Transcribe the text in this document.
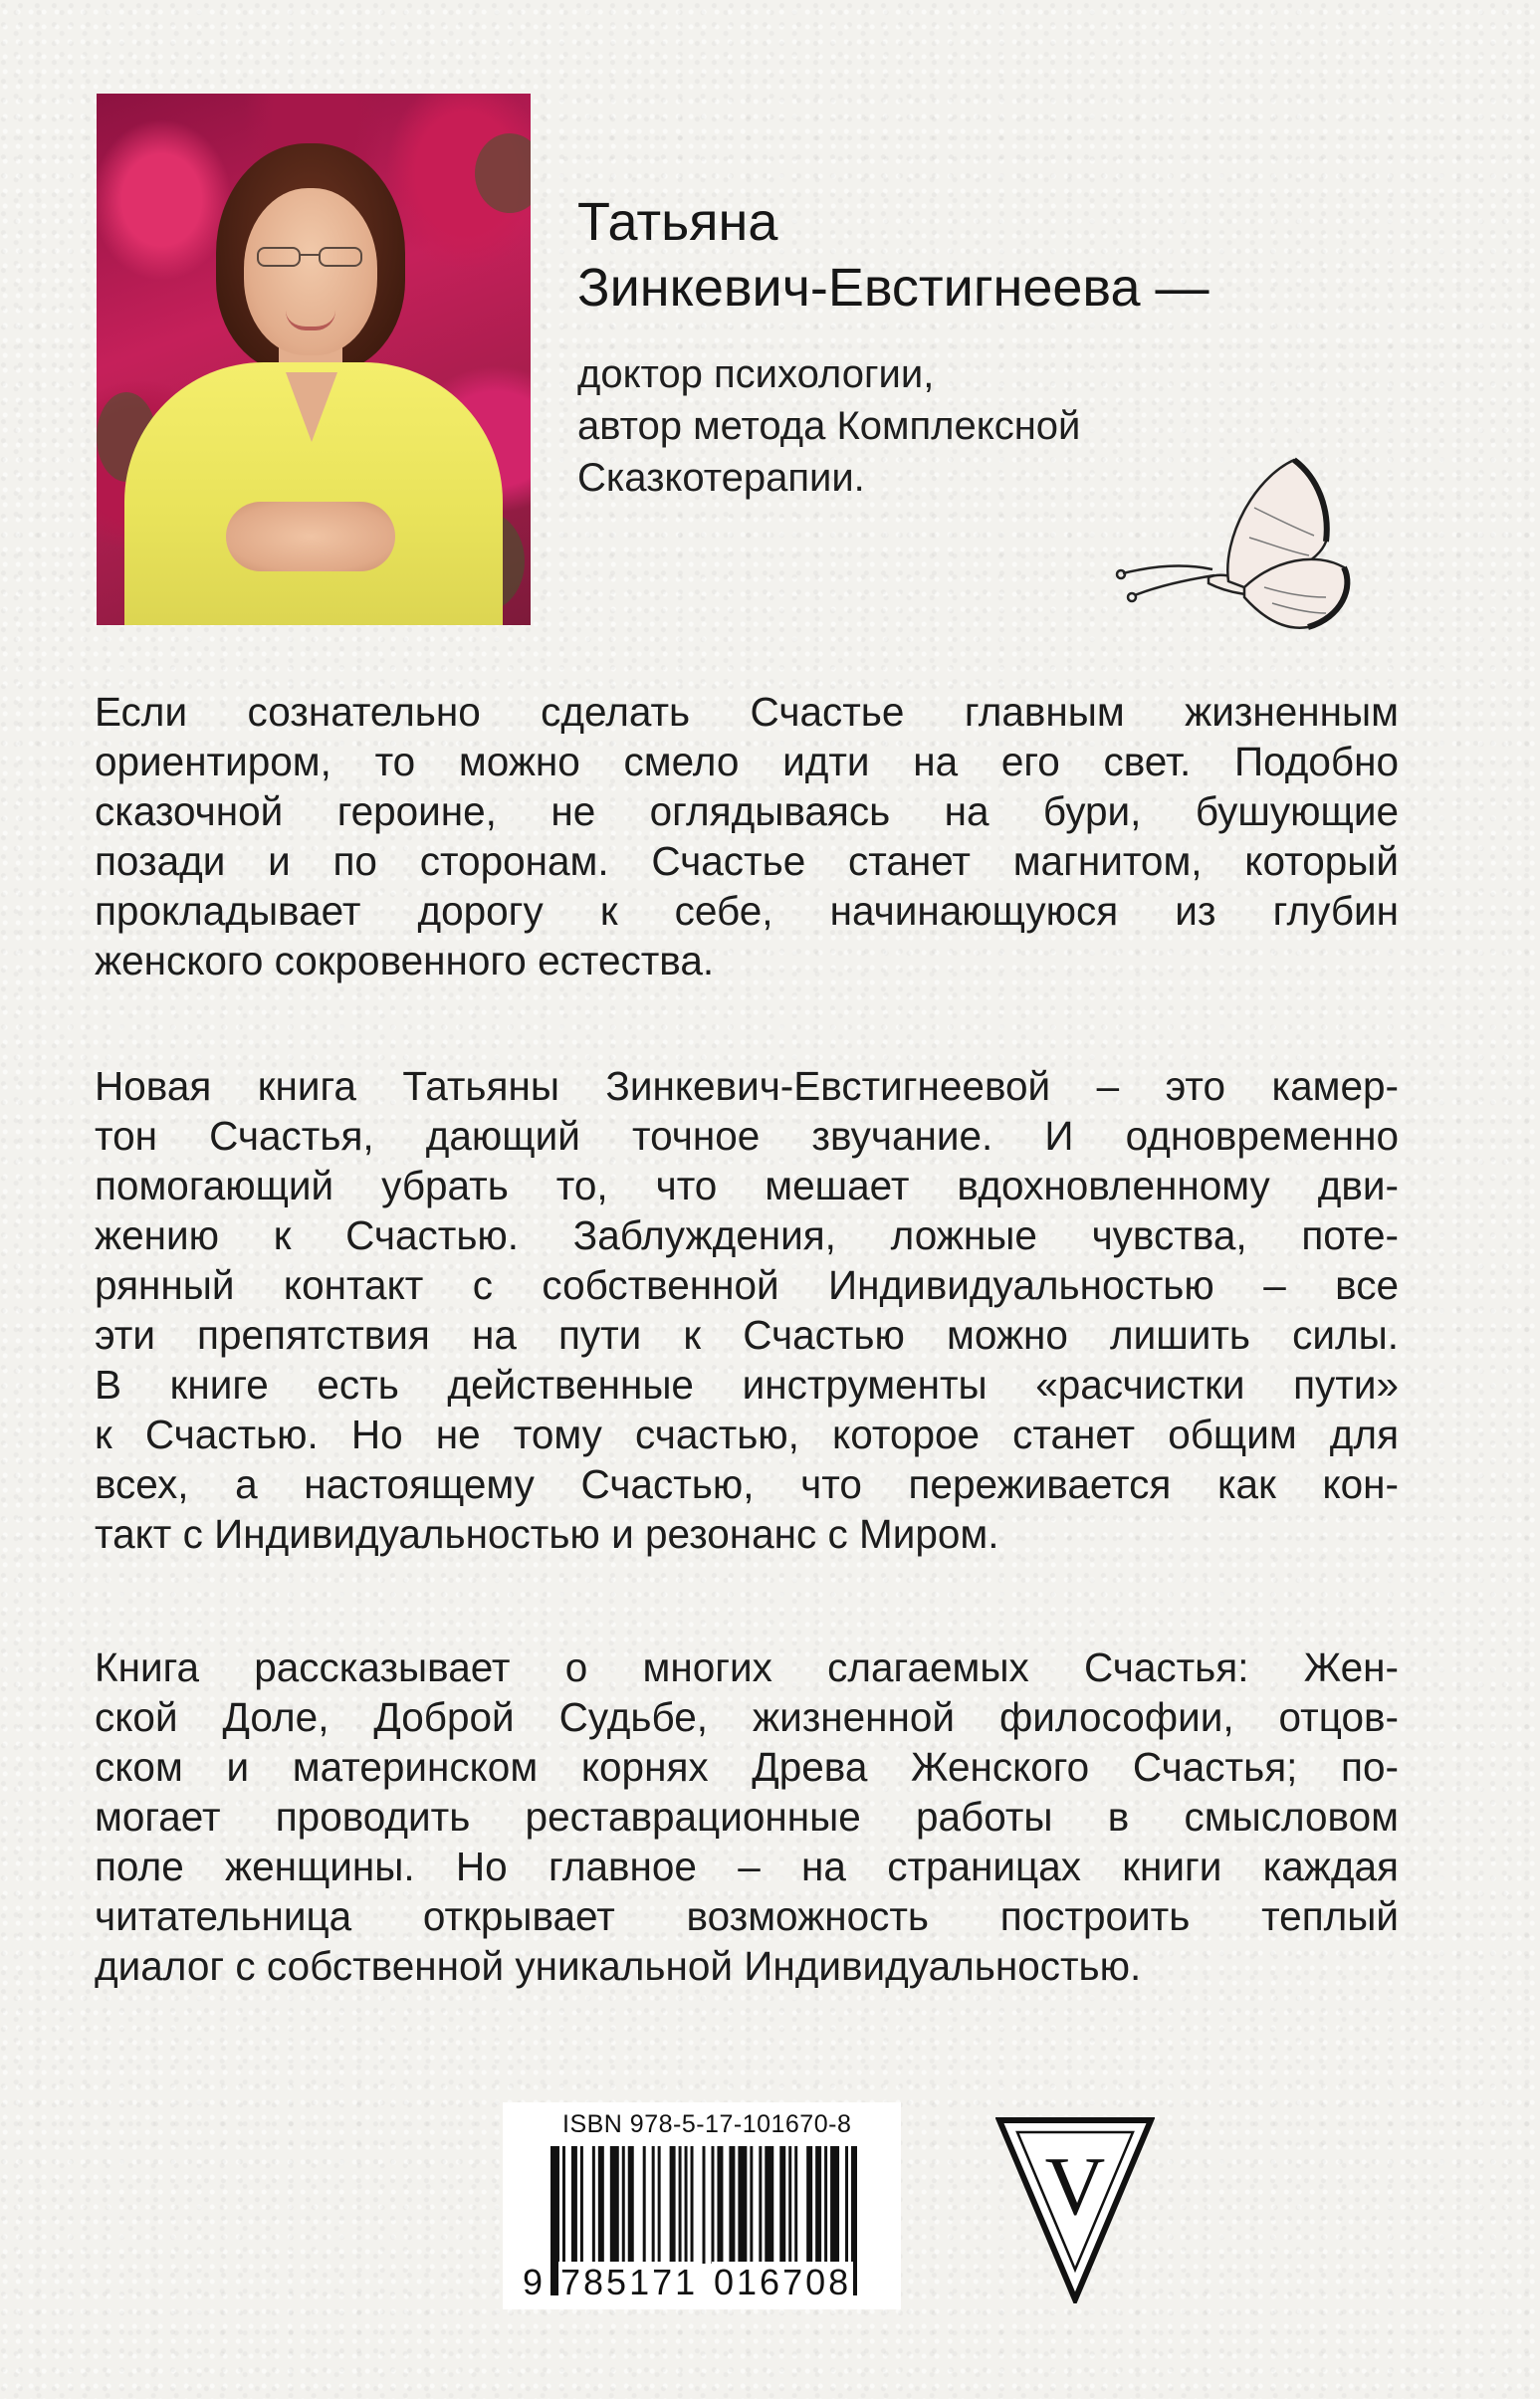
Татьяна
Зинкевич-Евстигнеева —
доктор психологии,
автор метода Комплексной
Сказкотерапии.
Если сознательно сделать Счастье главным жизненным
ориентиром, то можно смело идти на его свет. Подобно
сказочной героине, не оглядываясь на бури, бушующие
позади и по сторонам. Счастье станет магнитом, который
прокладывает дорогу к себе, начинающуюся из глубин
женского сокровенного естества.
Новая книга Татьяны Зинкевич-Евстигнеевой – это камер-
тон Счастья, дающий точное звучание. И одновременно
помогающий убрать то, что мешает вдохновленному дви-
жению к Счастью. Заблуждения, ложные чувства, поте-
рянный контакт с собственной Индивидуальностью – все
эти препятствия на пути к Счастью можно лишить силы.
В книге есть действенные инструменты «расчистки пути»
к Счастью. Но не тому счастью, которое станет общим для
всех, а настоящему Счастью, что переживается как кон-
такт с Индивидуальностью и резонанс с Миром.
Книга рассказывает о многих слагаемых Счастья: Жен-
ской Доле, Доброй Судьбе, жизненной философии, отцов-
ском и материнском корнях Древа Женского Счастья; по-
могает проводить реставрационные работы в смысловом
поле женщины. Но главное – на страницах книги каждая
читательница открывает возможность построить теплый
диалог с собственной уникальной Индивидуальностью.
ISBN 978-5-17-101670-8
9 785171 016708
V
